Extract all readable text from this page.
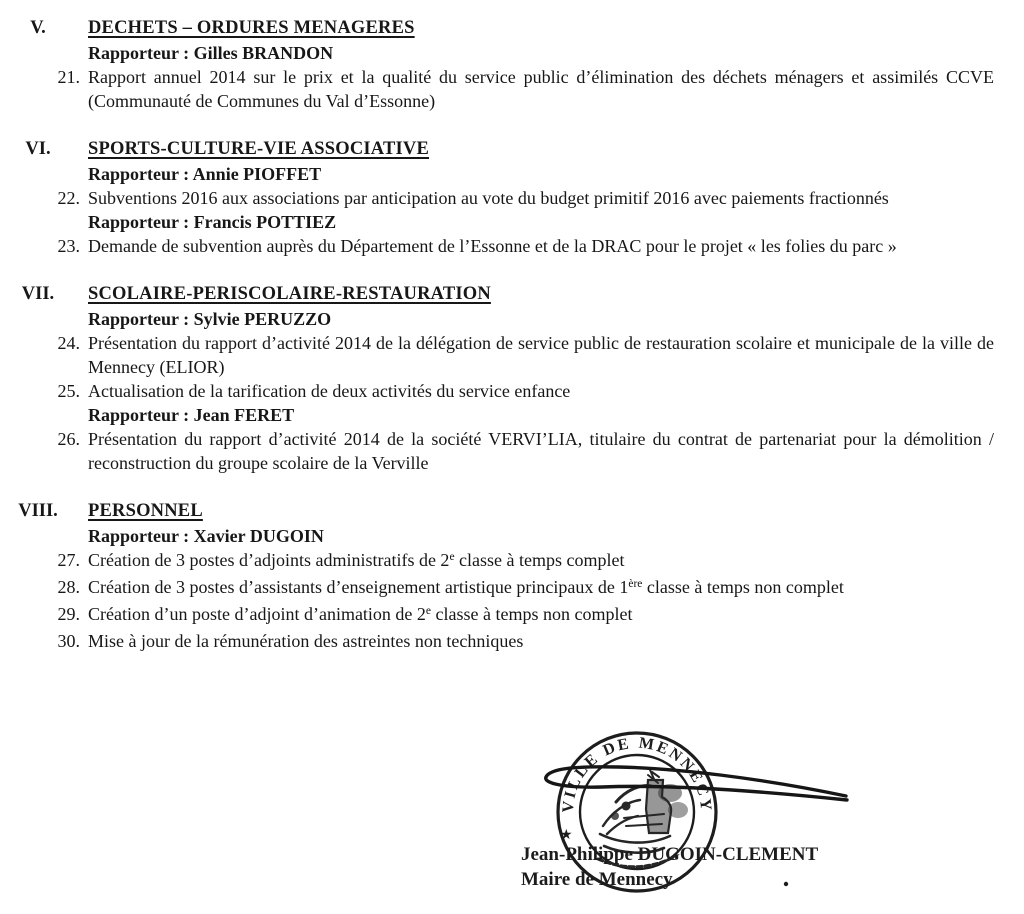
V.	DECHETS – ORDURES MENAGERES
Rapporteur : Gilles BRANDON
21. Rapport annuel 2014 sur le prix et la qualité du service public d’élimination des déchets ménagers et assimilés CCVE (Communauté de Communes du Val d’Essonne)
VI.	SPORTS-CULTURE-VIE ASSOCIATIVE
Rapporteur : Annie PIOFFET
22. Subventions 2016 aux associations par anticipation au vote du budget primitif 2016 avec paiements fractionnés
Rapporteur : Francis POTTIEZ
23. Demande de subvention auprès du Département de l’Essonne et de la DRAC pour le projet « les folies du parc »
VII.	SCOLAIRE-PERISCOLAIRE-RESTAURATION
Rapporteur : Sylvie PERUZZO
24. Présentation du rapport d’activité 2014 de la délégation de service public de restauration scolaire et municipale de la ville de Mennecy (ELIOR)
25. Actualisation de la tarification de deux activités du service enfance
Rapporteur : Jean FERET
26. Présentation du rapport d’activité 2014 de la société VERVI’LIA, titulaire du contrat de partenariat pour la démolition / reconstruction du groupe scolaire de la Verville
VIII.	PERSONNEL
Rapporteur : Xavier DUGOIN
27. Création de 3 postes d’adjoints administratifs de 2e classe à temps complet
28. Création de 3 postes d’assistants d’enseignement artistique principaux de 1ère classe à temps non complet
29. Création d’un poste d’adjoint d’animation de 2e classe à temps non complet
30. Mise à jour de la rémunération des astreintes non techniques
VILLE DE MENNECY
★
Jean-Philippe DUGOIN-CLEMENT
Maire de Mennecy
